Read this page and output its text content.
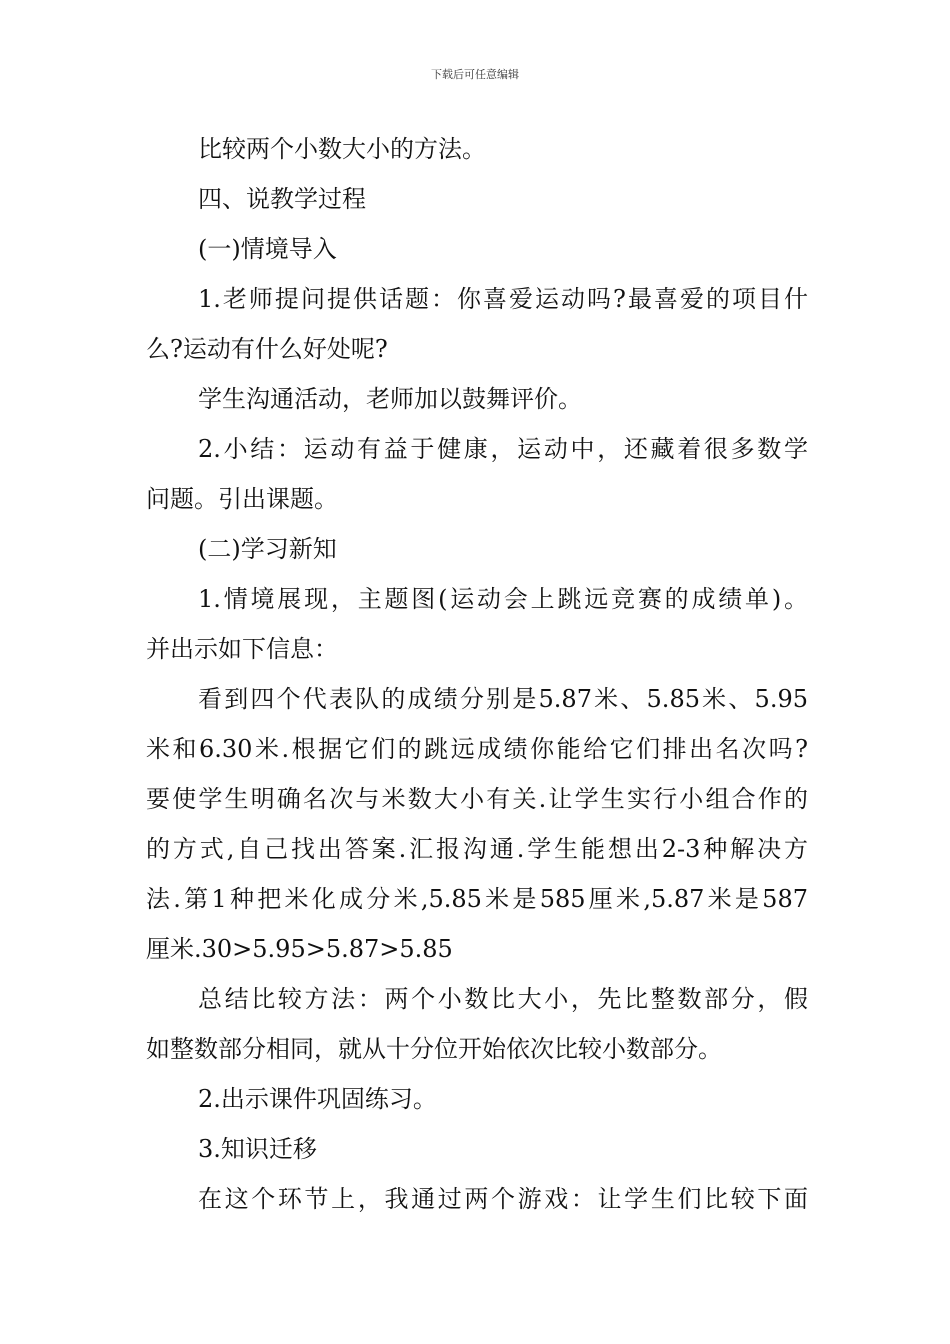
下载后可任意编辑
比较两个小数大小的方法。
四、说教学过程
(一)情境导入
1.老师提问提供话题：你喜爱运动吗?最喜爱的项目什
么?运动有什么好处呢?
学生沟通活动，老师加以鼓舞评价。
2.小结：运动有益于健康，运动中，还藏着很多数学
问题。引出课题。
(二)学习新知
1.情境展现，主题图(运动会上跳远竞赛的成绩单)。
并出示如下信息：
看到四个代表队的成绩分别是5.87米、5.85米、5.95
米和6.30米.根据它们的跳远成绩你能给它们排出名次吗?
要使学生明确名次与米数大小有关.让学生实行小组合作的
的方式,自己找出答案.汇报沟通.学生能想出2-3种解决方
法.第1种把米化成分米,5.85米是585厘米,5.87米是587
厘米.30>5.95>5.87>5.85
总结比较方法：两个小数比大小，先比整数部分，假
如整数部分相同，就从十分位开始依次比较小数部分。
2.出示课件巩固练习。
3.知识迁移
在这个环节上，我通过两个游戏：让学生们比较下面
